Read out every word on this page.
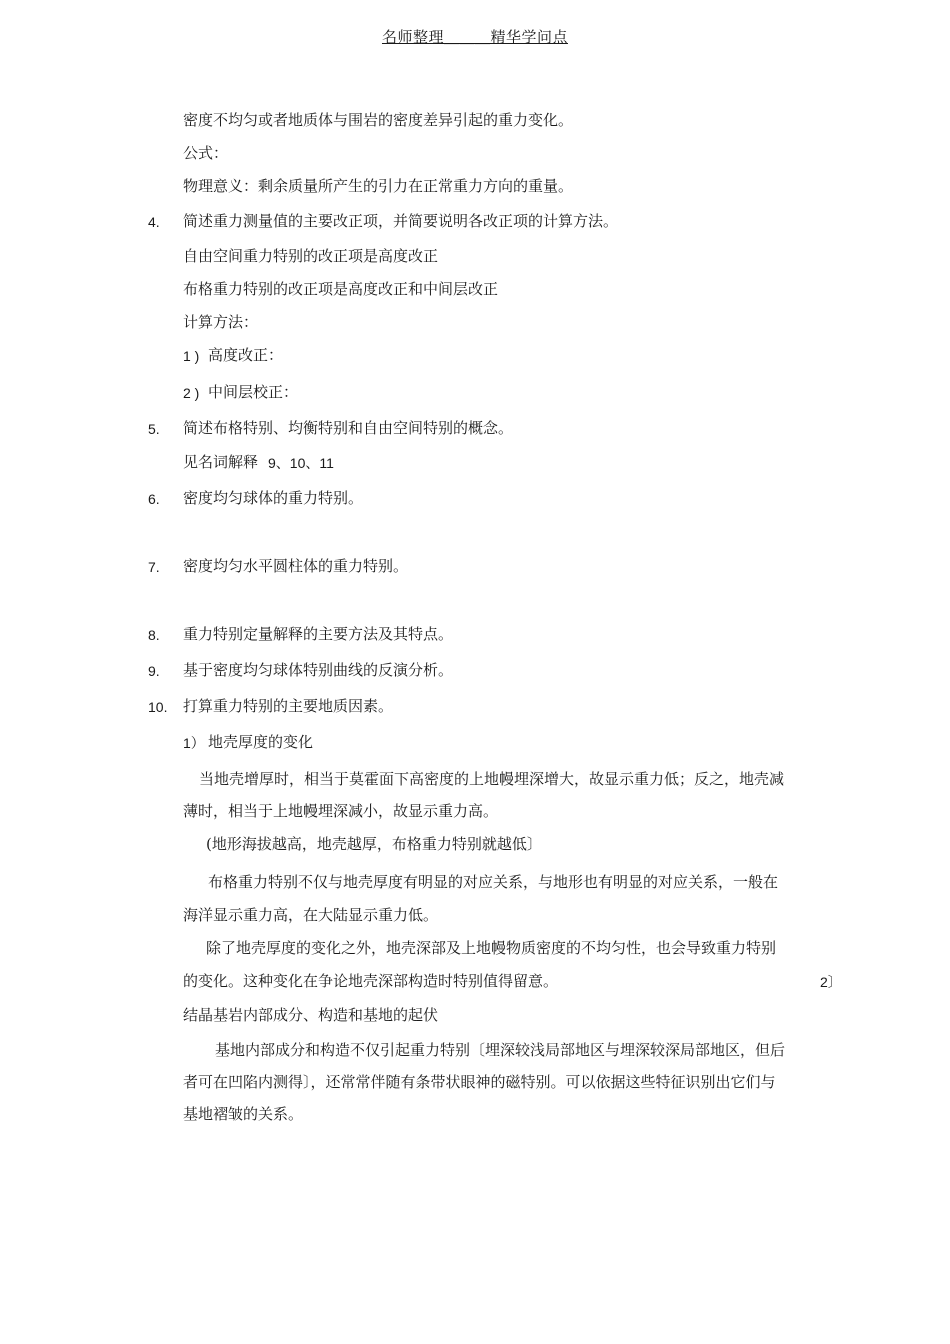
名师整理＿＿＿精华学问点
密度不均匀或者地质体与围岩的密度差异引起的重力变化。
公式：
物理意义：剩余质量所产生的引力在正常重力方向的重量。
4. 简述重力测量值的主要改正项，并简要说明各改正项的计算方法。
自由空间重力特别的改正项是高度改正
布格重力特别的改正项是高度改正和中间层改正
计算方法：
1 ) 高度改正：
2 ) 中间层校正：
5. 简述布格特别、均衡特别和自由空间特别的概念。
见名词解释 9、10、11
6. 密度均匀球体的重力特别。
7. 密度均匀水平圆柱体的重力特别。
8. 重力特别定量解释的主要方法及其特点。
9. 基于密度均匀球体特别曲线的反演分析。
10. 打算重力特别的主要地质因素。
1） 地壳厚度的变化
当地壳增厚时，相当于莫霍面下高密度的上地幔埋深增大，故显示重力低；反之，地壳减
薄时，相当于上地幔埋深减小，故显示重力高。
(地形海拔越高，地壳越厚，布格重力特别就越低〕
布格重力特别不仅与地壳厚度有明显的对应关系，与地形也有明显的对应关系，一般在
海洋显示重力高，在大陆显示重力低。
除了地壳厚度的变化之外，地壳深部及上地幔物质密度的不均匀性，也会导致重力特别
的变化。这种变化在争论地壳深部构造时特别值得留意。	2〕
结晶基岩内部成分、构造和基地的起伏
基地内部成分和构造不仅引起重力特别〔埋深较浅局部地区与埋深较深局部地区，但后
者可在凹陷内测得〕，还常常伴随有条带状眼神的磁特别。可以依据这些特征识别出它们与
基地褶皱的关系。
